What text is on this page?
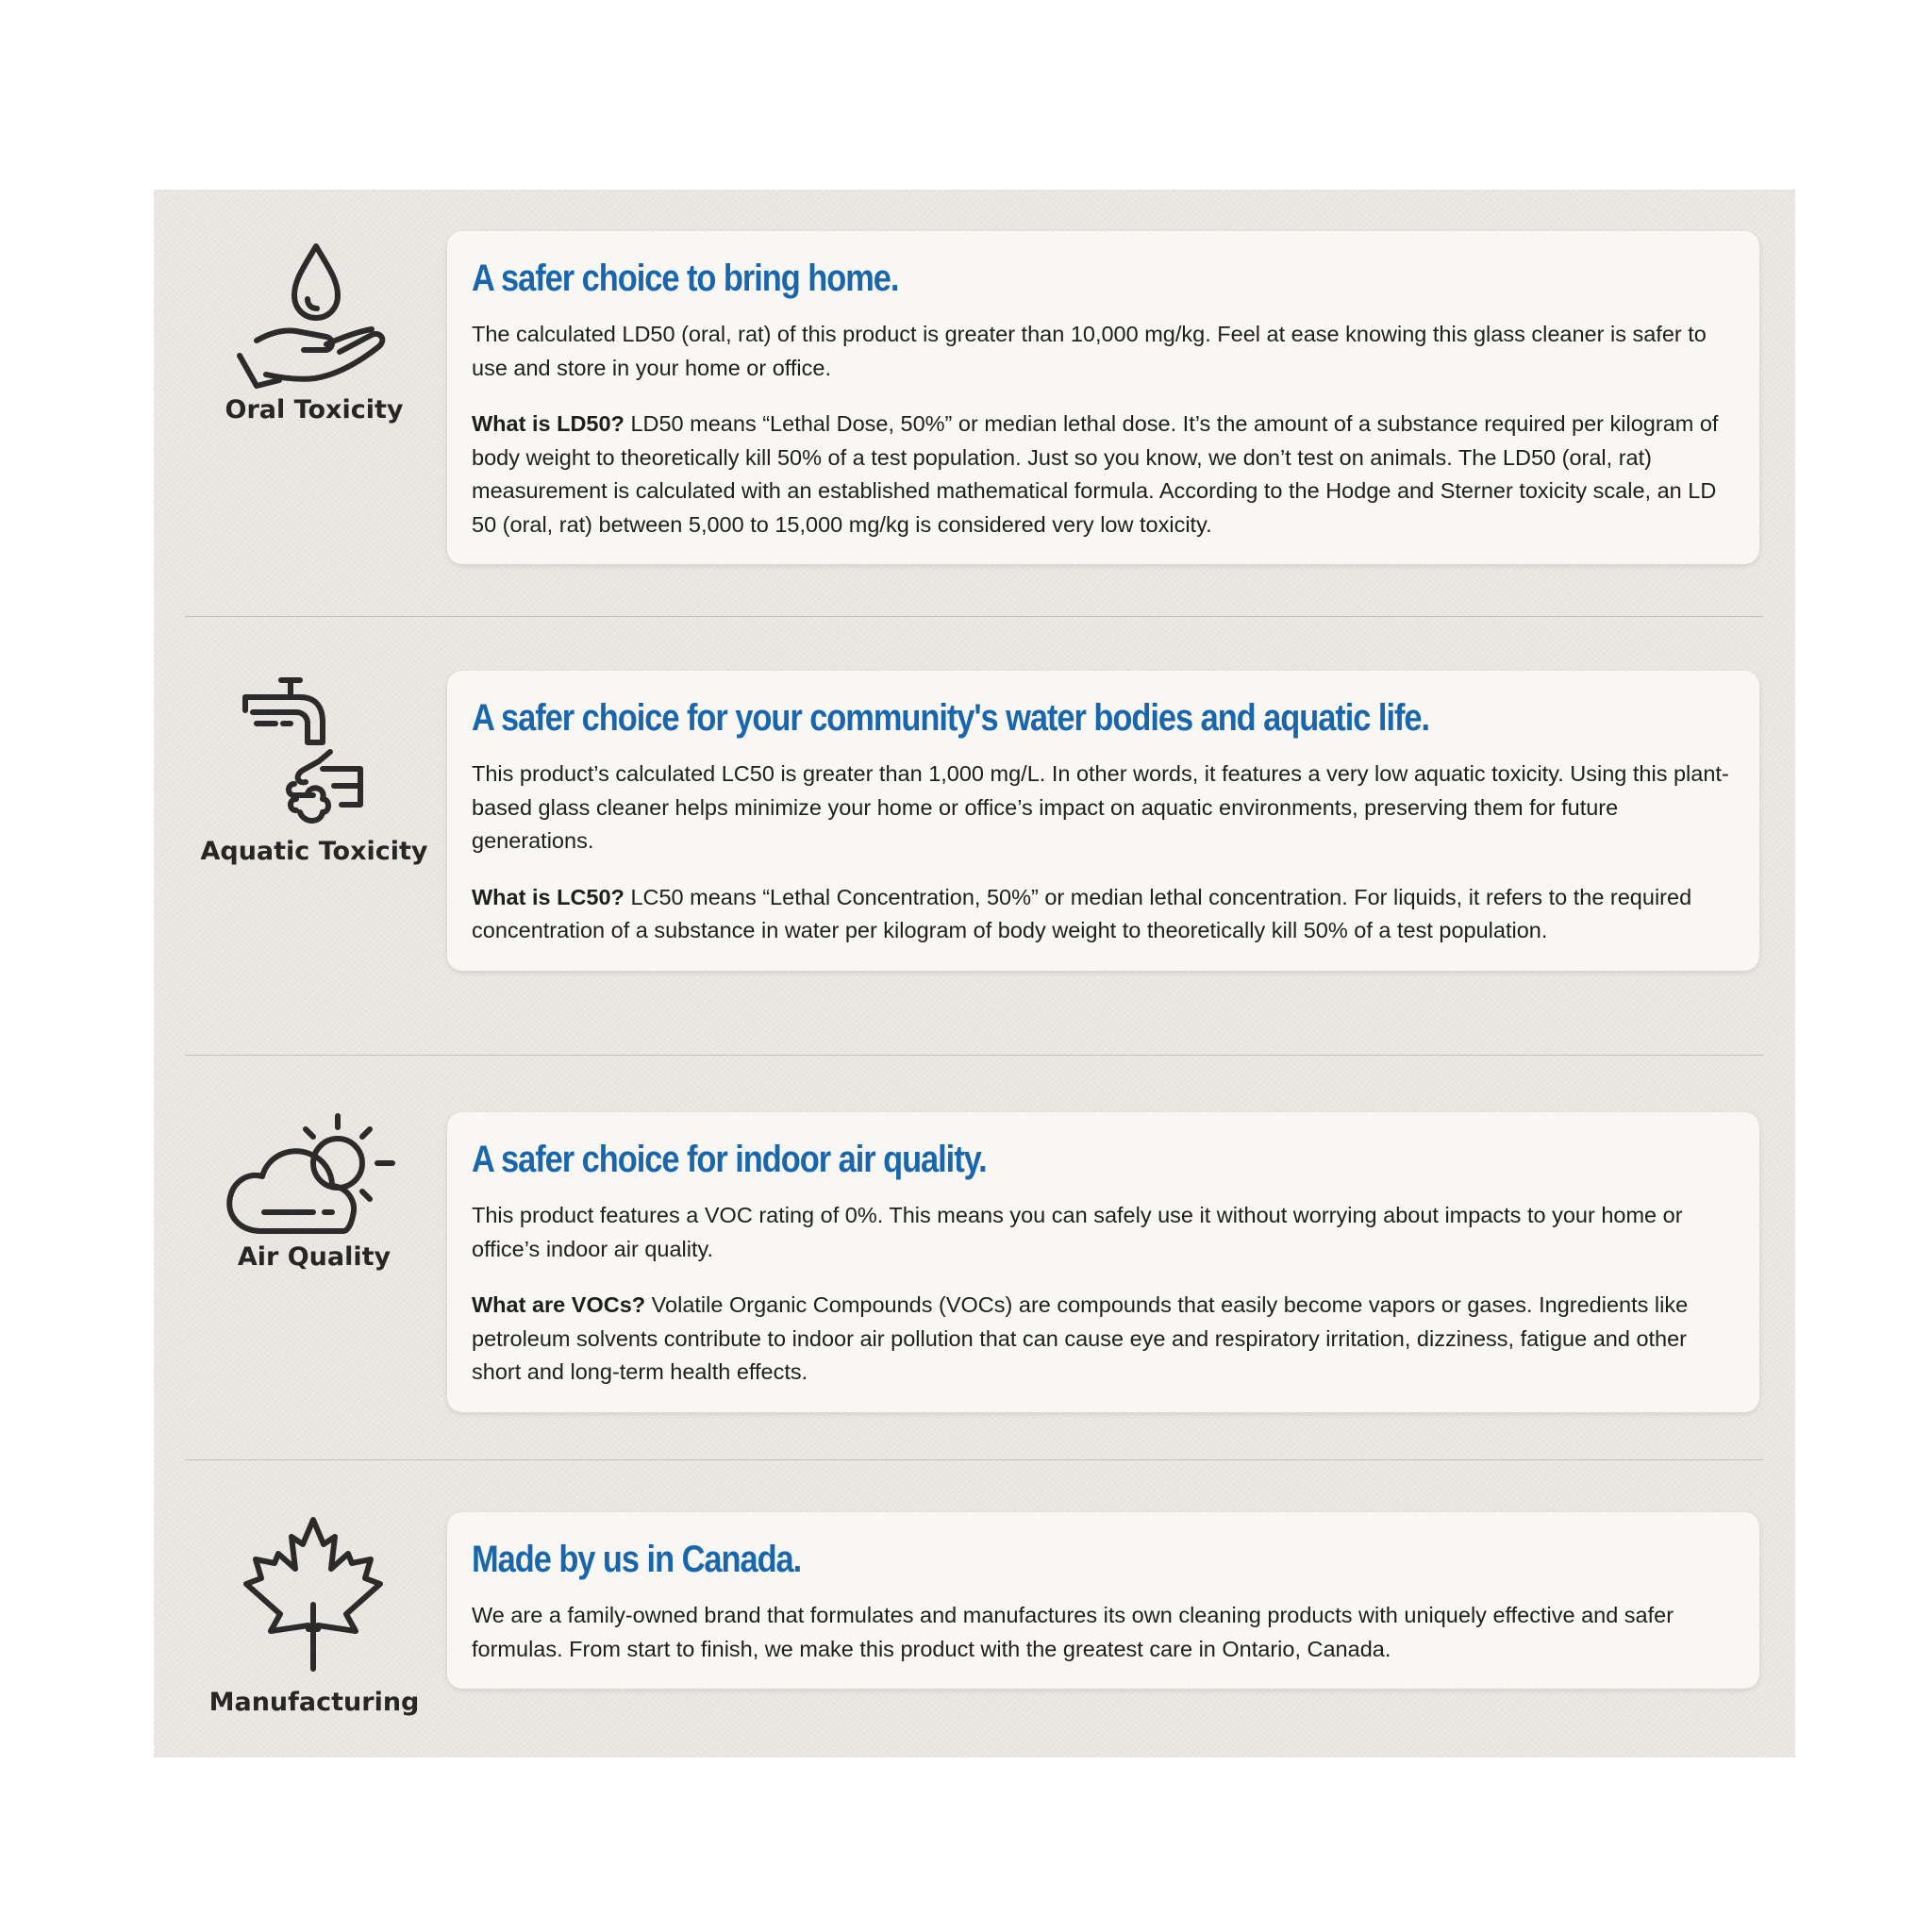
Oral Toxicity
A safer choice to bring home.

The calculated LD50 (oral, rat) of this product is greater than 10,000 mg/kg. Feel at ease knowing this glass cleaner is safer to use and store in your home or office.

What is LD50? LD50 means “Lethal Dose, 50%” or median lethal dose. It’s the amount of a substance required per kilogram of body weight to theoretically kill 50% of a test population. Just so you know, we don’t test on animals. The LD50 (oral, rat) measurement is calculated with an established mathematical formula. According to the Hodge and Sterner toxicity scale, an LD 50 (oral, rat) between 5,000 to 15,000 mg/kg is considered very low toxicity.

Aquatic Toxicity
A safer choice for your community's water bodies and aquatic life.

This product’s calculated LC50 is greater than 1,000 mg/L. In other words, it features a very low aquatic toxicity. Using this plant-based glass cleaner helps minimize your home or office’s impact on aquatic environments, preserving them for future generations.

What is LC50? LC50 means “Lethal Concentration, 50%” or median lethal concentration. For liquids, it refers to the required concentration of a substance in water per kilogram of body weight to theoretically kill 50% of a test population.

Air Quality
A safer choice for indoor air quality.

This product features a VOC rating of 0%. This means you can safely use it without worrying about impacts to your home or office’s indoor air quality.

What are VOCs? Volatile Organic Compounds (VOCs) are compounds that easily become vapors or gases. Ingredients like petroleum solvents contribute to indoor air pollution that can cause eye and respiratory irritation, dizziness, fatigue and other short and long-term health effects.

Manufacturing
Made by us in Canada.

We are a family-owned brand that formulates and manufactures its own cleaning products with uniquely effective and safer formulas. From start to finish, we make this product with the greatest care in Ontario, Canada.
